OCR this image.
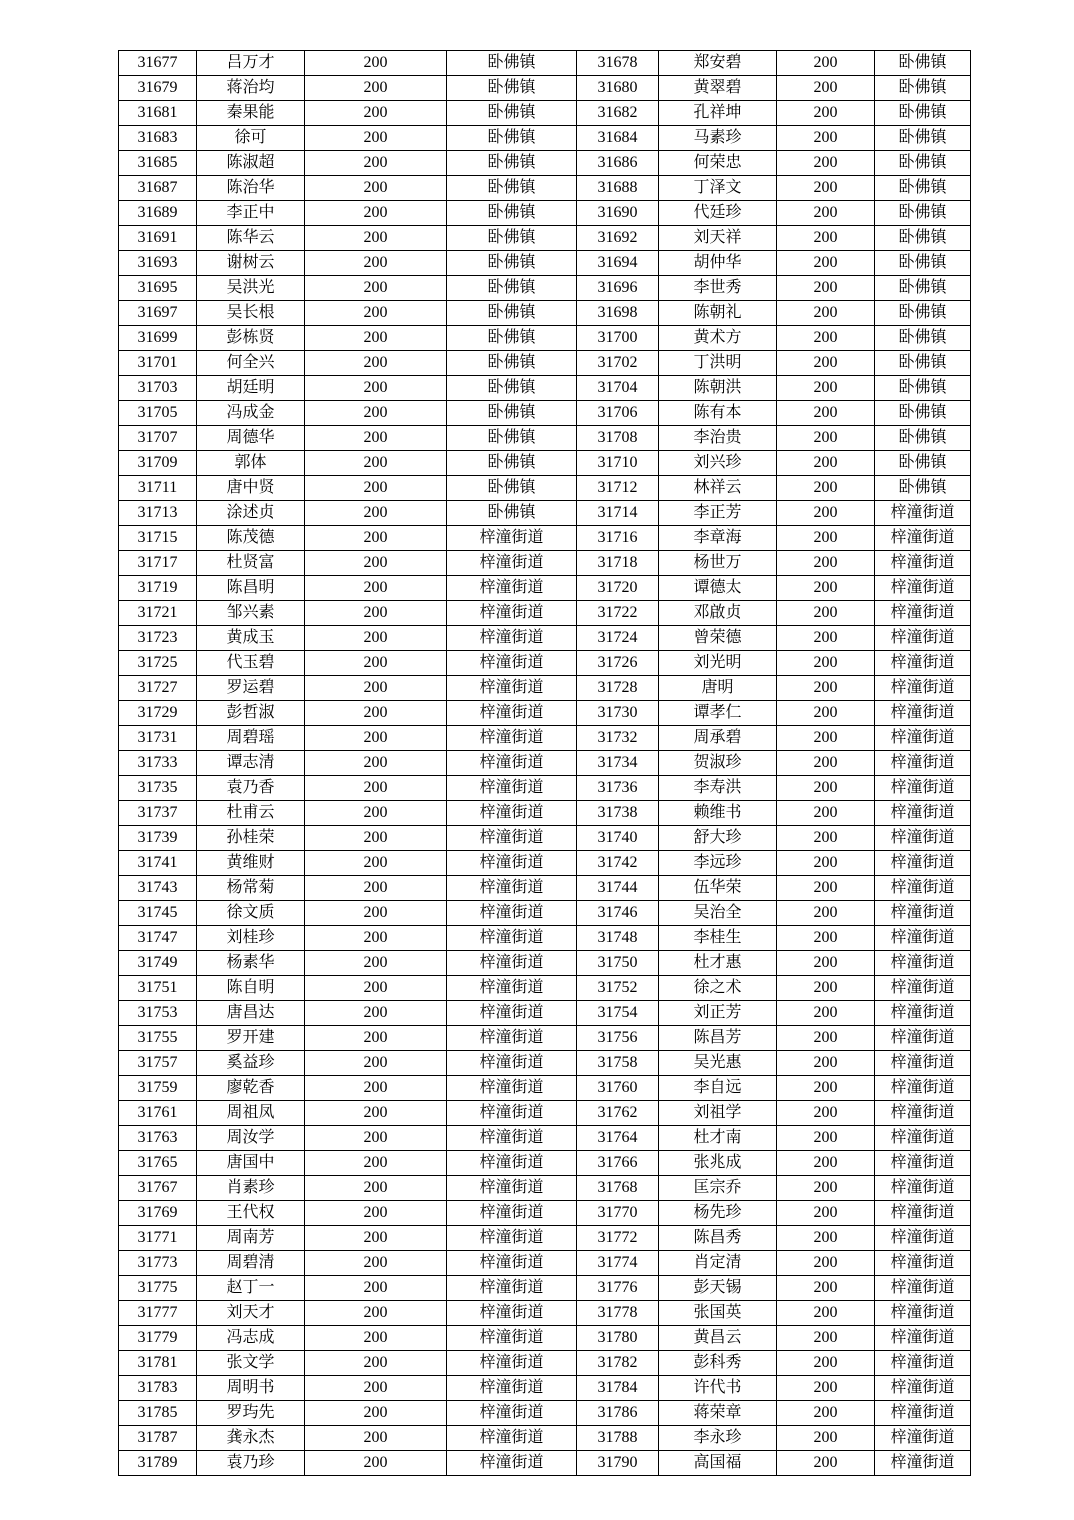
31677	吕万才	200	卧佛镇	31678	郑安碧	200	卧佛镇
31679	蒋治均	200	卧佛镇	31680	黄翠碧	200	卧佛镇
31681	秦果能	200	卧佛镇	31682	孔祥坤	200	卧佛镇
31683	徐可	200	卧佛镇	31684	马素珍	200	卧佛镇
31685	陈淑超	200	卧佛镇	31686	何荣忠	200	卧佛镇
31687	陈治华	200	卧佛镇	31688	丁泽文	200	卧佛镇
31689	李正中	200	卧佛镇	31690	代廷珍	200	卧佛镇
31691	陈华云	200	卧佛镇	31692	刘天祥	200	卧佛镇
31693	谢树云	200	卧佛镇	31694	胡仲华	200	卧佛镇
31695	吴洪光	200	卧佛镇	31696	李世秀	200	卧佛镇
31697	吴长根	200	卧佛镇	31698	陈朝礼	200	卧佛镇
31699	彭栋贤	200	卧佛镇	31700	黄术方	200	卧佛镇
31701	何全兴	200	卧佛镇	31702	丁洪明	200	卧佛镇
31703	胡廷明	200	卧佛镇	31704	陈朝洪	200	卧佛镇
31705	冯成金	200	卧佛镇	31706	陈有本	200	卧佛镇
31707	周德华	200	卧佛镇	31708	李治贵	200	卧佛镇
31709	郭体	200	卧佛镇	31710	刘兴珍	200	卧佛镇
31711	唐中贤	200	卧佛镇	31712	林祥云	200	卧佛镇
31713	涂述贞	200	卧佛镇	31714	李正芳	200	梓潼街道
31715	陈茂德	200	梓潼街道	31716	李章海	200	梓潼街道
31717	杜贤富	200	梓潼街道	31718	杨世万	200	梓潼街道
31719	陈昌明	200	梓潼街道	31720	谭德太	200	梓潼街道
31721	邹兴素	200	梓潼街道	31722	邓啟贞	200	梓潼街道
31723	黄成玉	200	梓潼街道	31724	曾荣德	200	梓潼街道
31725	代玉碧	200	梓潼街道	31726	刘光明	200	梓潼街道
31727	罗运碧	200	梓潼街道	31728	唐明	200	梓潼街道
31729	彭哲淑	200	梓潼街道	31730	谭孝仁	200	梓潼街道
31731	周碧瑶	200	梓潼街道	31732	周承碧	200	梓潼街道
31733	谭志清	200	梓潼街道	31734	贺淑珍	200	梓潼街道
31735	袁乃香	200	梓潼街道	31736	李寿洪	200	梓潼街道
31737	杜甫云	200	梓潼街道	31738	赖维书	200	梓潼街道
31739	孙桂荣	200	梓潼街道	31740	舒大珍	200	梓潼街道
31741	黄维财	200	梓潼街道	31742	李远珍	200	梓潼街道
31743	杨常菊	200	梓潼街道	31744	伍华荣	200	梓潼街道
31745	徐文质	200	梓潼街道	31746	吴治全	200	梓潼街道
31747	刘桂珍	200	梓潼街道	31748	李桂生	200	梓潼街道
31749	杨素华	200	梓潼街道	31750	杜才惠	200	梓潼街道
31751	陈自明	200	梓潼街道	31752	徐之术	200	梓潼街道
31753	唐昌达	200	梓潼街道	31754	刘正芳	200	梓潼街道
31755	罗开建	200	梓潼街道	31756	陈昌芳	200	梓潼街道
31757	奚益珍	200	梓潼街道	31758	吴光惠	200	梓潼街道
31759	廖乾香	200	梓潼街道	31760	李自远	200	梓潼街道
31761	周祖凤	200	梓潼街道	31762	刘祖学	200	梓潼街道
31763	周汝学	200	梓潼街道	31764	杜才南	200	梓潼街道
31765	唐国中	200	梓潼街道	31766	张兆成	200	梓潼街道
31767	肖素珍	200	梓潼街道	31768	匡宗乔	200	梓潼街道
31769	王代权	200	梓潼街道	31770	杨先珍	200	梓潼街道
31771	周南芳	200	梓潼街道	31772	陈昌秀	200	梓潼街道
31773	周碧清	200	梓潼街道	31774	肖定清	200	梓潼街道
31775	赵丁一	200	梓潼街道	31776	彭天锡	200	梓潼街道
31777	刘天才	200	梓潼街道	31778	张国英	200	梓潼街道
31779	冯志成	200	梓潼街道	31780	黄昌云	200	梓潼街道
31781	张文学	200	梓潼街道	31782	彭科秀	200	梓潼街道
31783	周明书	200	梓潼街道	31784	许代书	200	梓潼街道
31785	罗玙先	200	梓潼街道	31786	蒋荣章	200	梓潼街道
31787	龚永杰	200	梓潼街道	31788	李永珍	200	梓潼街道
31789	袁乃珍	200	梓潼街道	31790	高国福	200	梓潼街道
